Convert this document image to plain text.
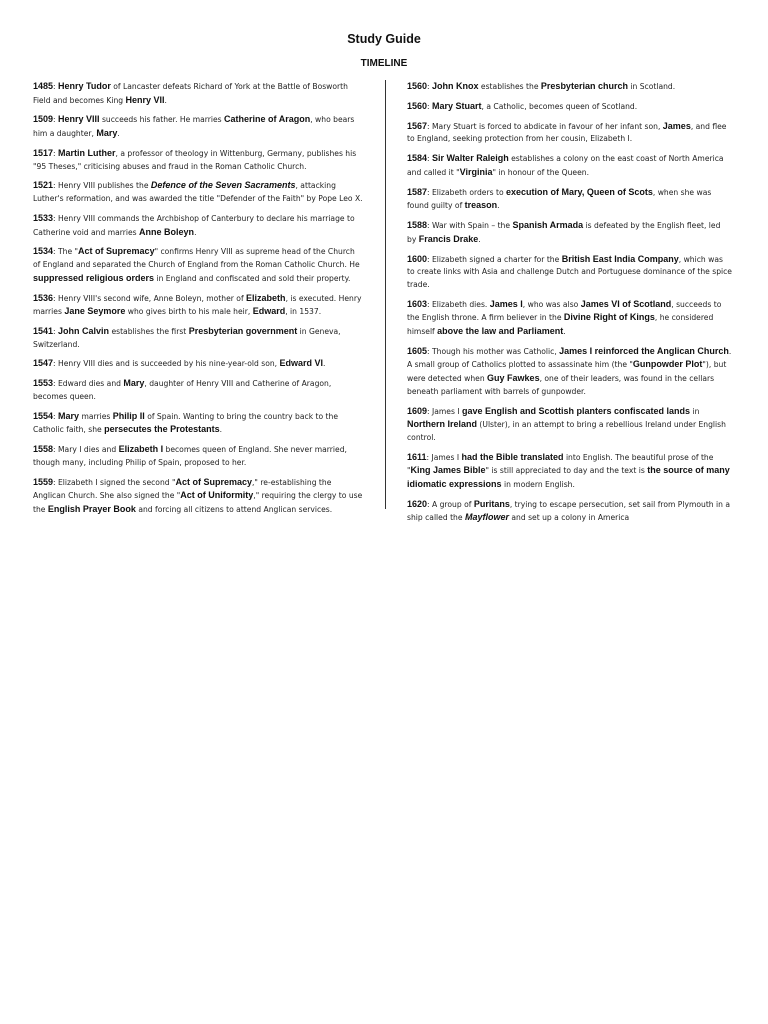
Study Guide
TIMELINE
1485: Henry Tudor of Lancaster defeats Richard of York at the Battle of Bosworth Field and becomes King Henry VII.
1509: Henry VIII succeeds his father. He marries Catherine of Aragon, who bears him a daughter, Mary.
1517: Martin Luther, a professor of theology in Wittenburg, Germany, publishes his "95 Theses," criticising abuses and fraud in the Roman Catholic Church.
1521: Henry VIII publishes the Defence of the Seven Sacraments, attacking Luther's reformation, and was awarded the title "Defender of the Faith" by Pope Leo X.
1533: Henry VIII commands the Archbishop of Canterbury to declare his marriage to Catherine void and marries Anne Boleyn.
1534: The "Act of Supremacy" confirms Henry VIII as supreme head of the Church of England and separated the Church of England from the Roman Catholic Church. He suppressed religious orders in England and confiscated and sold their property.
1536: Henry VIII's second wife, Anne Boleyn, mother of Elizabeth, is executed. Henry marries Jane Seymore who gives birth to his male heir, Edward, in 1537.
1541: John Calvin establishes the first Presbyterian government in Geneva, Switzerland.
1547: Henry VIII dies and is succeeded by his nine-year-old son, Edward VI.
1553: Edward dies and Mary, daughter of Henry VIII and Catherine of Aragon, becomes queen.
1554: Mary marries Philip II of Spain. Wanting to bring the country back to the Catholic faith, she persecutes the Protestants.
1558: Mary I dies and Elizabeth I becomes queen of England. She never married, though many, including Philip of Spain, proposed to her.
1559: Elizabeth I signed the second "Act of Supremacy," re-establishing the Anglican Church. She also signed the "Act of Uniformity," requiring the clergy to use the English Prayer Book and forcing all citizens to attend Anglican services.
1560: John Knox establishes the Presbyterian church in Scotland.
1560: Mary Stuart, a Catholic, becomes queen of Scotland.
1567: Mary Stuart is forced to abdicate in favour of her infant son, James, and flee to England, seeking protection from her cousin, Elizabeth I.
1584: Sir Walter Raleigh establishes a colony on the east coast of North America and called it "Virginia" in honour of the Queen.
1587: Elizabeth orders to execution of Mary, Queen of Scots, when she was found guilty of treason.
1588: War with Spain – the Spanish Armada is defeated by the English fleet, led by Francis Drake.
1600: Elizabeth signed a charter for the British East India Company, which was to create links with Asia and challenge Dutch and Portuguese dominance of the spice trade.
1603: Elizabeth dies. James I, who was also James VI of Scotland, succeeds to the English throne. A firm believer in the Divine Right of Kings, he considered himself above the law and Parliament.
1605: Though his mother was Catholic, James I reinforced the Anglican Church. A small group of Catholics plotted to assassinate him (the "Gunpowder Plot"), but were detected when Guy Fawkes, one of their leaders, was found in the cellars beneath parliament with barrels of gunpowder.
1609: James I gave English and Scottish planters confiscated lands in Northern Ireland (Ulster), in an attempt to bring a rebellious Ireland under English control.
1611: James I had the Bible translated into English. The beautiful prose of the "King James Bible" is still appreciated to day and the text is the source of many idiomatic expressions in modern English.
1620: A group of Puritans, trying to escape persecution, set sail from Plymouth in a ship called the Mayflower and set up a colony in America
